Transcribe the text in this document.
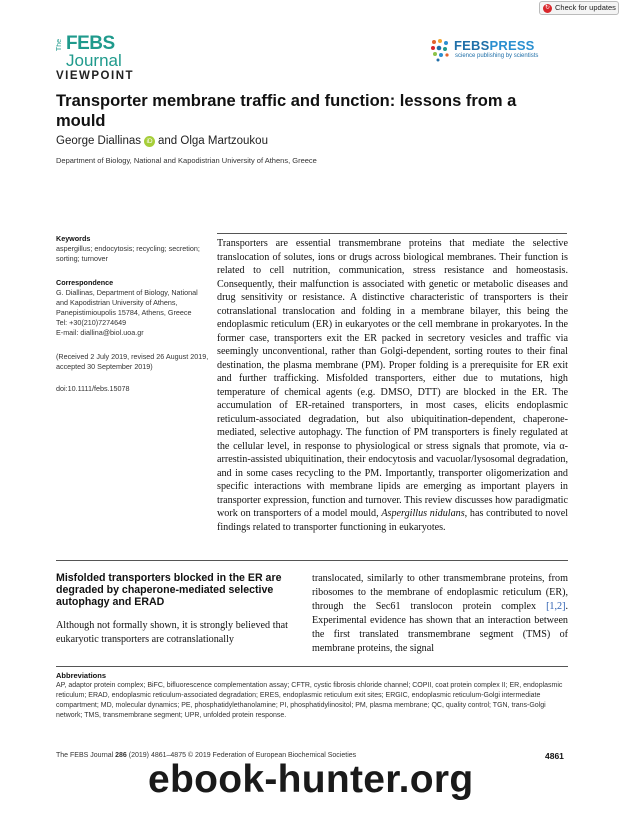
↻ Check for updates
The FEBS
Journal
VIEWPOINT
FEBSPRESS
science publishing by scientists
Transporter membrane traffic and function: lessons from a mould
George Diallinas iD and Olga Martzoukou
Department of Biology, National and Kapodistrian University of Athens, Greece
Keywords
aspergillus; endocytosis; recycling; secretion; sorting; turnover
Correspondence
G. Diallinas, Department of Biology, National
and Kapodistrian University of Athens,
Panepistimioupolis 15784, Athens, Greece
Tel: +30(210)7274649
E-mail: diallina@biol.uoa.gr
(Received 2 July 2019, revised 26 August 2019, accepted 30 September 2019)
doi:10.1111/febs.15078
Transporters are essential transmembrane proteins that mediate the selective translocation of solutes, ions or drugs across biological membranes. Their function is related to cell nutrition, communication, stress resistance and homeostasis. Consequently, their malfunction is associated with genetic or metabolic diseases and drug sensitivity or resistance. A distinctive characteristic of transporters is their cotranslational translocation and folding in a membrane bilayer, this being the endoplasmic reticulum (ER) in eukaryotes or the cell membrane in prokaryotes. In the former case, transporters exit the ER packed in secretory vesicles and traffic via seemingly unconventional, rather than Golgi-dependent, sorting routes to their final destination, the plasma membrane (PM). Proper folding is a prerequisite for ER exit and further trafficking. Misfolded transporters, either due to mutations, high temperature of chemical agents (e.g. DMSO, DTT) are blocked in the ER. The accumulation of ER-retained transporters, in most cases, elicits endoplasmic reticulum-associated degradation, but also ubiquitination-dependent, chaperone-mediated, selective autophagy. The function of PM transporters is finely regulated at the cellular level, in response to physiological or stress signals that promote, via α-arrestin-assisted ubiquitination, their endocytosis and vacuolar/lysosomal degradation, and in some cases recycling to the PM. Importantly, transporter oligomerization and specific interactions with membrane lipids are emerging as important players in transporter expression, function and turnover. This review discusses how paradigmatic work on transporters of a model mould, Aspergillus nidulans, has contributed to novel findings related to transporter functioning in eukaryotes.
Misfolded transporters blocked in the ER are degraded by chaperone-mediated selective autophagy and ERAD
Although not formally shown, it is strongly believed that eukaryotic transporters are cotranslationally
translocated, similarly to other transmembrane proteins, from ribosomes to the membrane of endoplasmic reticulum (ER), through the Sec61 translocon protein complex [1,2]. Experimental evidence has shown that an interaction between the first translated transmembrane segment (TMS) of membrane proteins, the signal
Abbreviations
AP, adaptor protein complex; BiFC, bifluorescence complementation assay; CFTR, cystic fibrosis chloride channel; COPII, coat protein complex II; ER, endoplasmic reticulum; ERAD, endoplasmic reticulum-associated degradation; ERES, endoplasmic reticulum exit sites; ERGIC, endoplasmic reticulum-Golgi intermediate compartment; MD, molecular dynamics; PE, phosphatidylethanolamine; PI, phosphatidylinositol; PM, plasma membrane; QC, quality control; TGN, trans-Golgi network; TMS, transmembrane segment; UPR, unfolded protein response.
The FEBS Journal 286 (2019) 4861–4875 © 2019 Federation of European Biochemical Societies	4861
ebook-hunter.org
